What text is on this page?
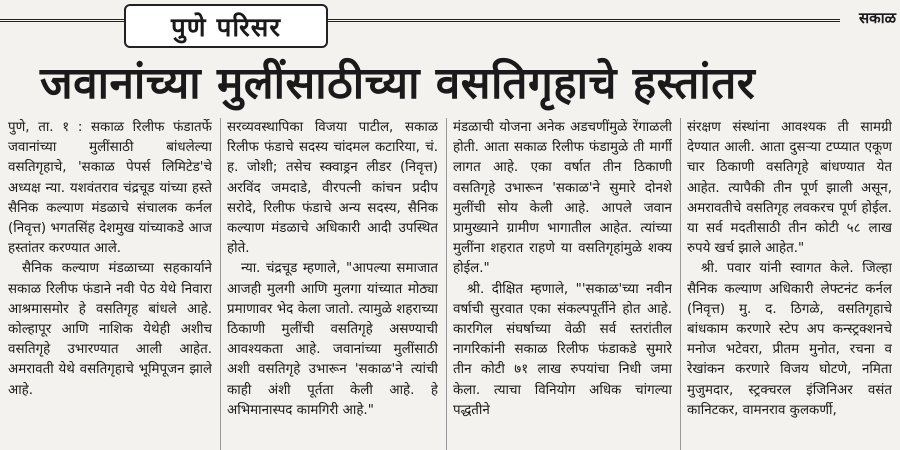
पुणे परिसर	सकाळ
जवानांच्या मुलींसाठीच्या वसतिगृहाचे हस्तांतर

पुणे, ता. १ : सकाळ रिलीफ फंडातर्फे जवानांच्या मुलींसाठी बांधलेल्या वसतिगृहाचे, 'सकाळ पेपर्स लिमिटेड'चे अध्यक्ष न्या. यशवंतराव चंद्रचूड यांच्या हस्ते सैनिक कल्याण मंडळाचे संचालक कर्नल (निवृत्त) भगतसिंह देशमुख यांच्याकडे आज हस्तांतर करण्यात आले.

सैनिक कल्याण मंडळाच्या सहकार्याने सकाळ रिलीफ फंडाने नवी पेठ येथे निवारा आश्रमासमोर हे वसतिगृह बांधले आहे. कोल्हापूर आणि नाशिक येथेही अशीच वसतिगृहे उभारण्यात आली आहेत. अमरावती येथे वसतिगृहाचे भूमिपूजन झाले आहे.

सरव्यवस्थापिका विजया पाटील, सकाळ रिलीफ फंडाचे सदस्य चांदमल कटारिया, चं. ह. जोशी; तसेच स्क्वाड्रन लीडर (निवृत्त) अरविंद जमदाडे, वीरपत्नी कांचन प्रदीप सरोदे, रिलीफ फंडाचे अन्य सदस्य, सैनिक कल्याण मंडळाचे अधिकारी आदी उपस्थित होते.

न्या. चंद्रचूड म्हणाले, "आपल्या समाजात आजही मुलगी आणि मुलगा यांच्यात मोठ्या प्रमाणावर भेद केला जातो. त्यामुळे शहराच्या ठिकाणी मुलींची वसतिगृहे असण्याची आवश्यकता आहे. जवानांच्या मुलींसाठी अशी वसतिगृहे उभारून 'सकाळ'ने त्यांची काही अंशी पूर्तता केली आहे. हे अभिमानास्पद कामगिरी आहे."

मंडळाची योजना अनेक अडचणींमुळे रेंगाळली होती. आता सकाळ रिलीफ फंडामुळे ती मार्गी लागत आहे. एका वर्षात तीन ठिकाणी वसतिगृहे उभारून 'सकाळ'ने सुमारे दोनशे मुलींची सोय केली आहे. आपले जवान प्रामुख्याने ग्रामीण भागातील आहेत. त्यांच्या मुलींना शहरात राहणे या वसतिगृहांमुळे शक्य होईल."

श्री. दीक्षित म्हणाले, "'सकाळ'च्या नवीन वर्षाची सुरवात एका संकल्पपूर्तीने होत आहे. कारगिल संघर्षाच्या वेळी सर्व स्तरांतील नागरिकांनी सकाळ रिलीफ फंडाकडे सुमारे तीन कोटी ७१ लाख रुपयांचा निधी जमा केला. त्याचा विनियोग अधिक चांगल्या पद्धतीने

संरक्षण संस्थांना आवश्यक ती सामग्री देण्यात आली. आता दुसऱ्या टप्प्यात एकूण चार ठिकाणी वसतिगृहे बांधण्यात येत आहेत. त्यापैकी तीन पूर्ण झाली असून, अमरावतीचे वसतिगृह लवकरच पूर्ण होईल. या सर्व मदतीसाठी तीन कोटी ५८ लाख रुपये खर्च झाले आहेत."

श्री. पवार यांनी स्वागत केले. जिल्हा सैनिक कल्याण अधिकारी लेफ्टनंट कर्नल (निवृत्त) मु. द. ठिगळे, वसतिगृहाचे बांधकाम करणारे स्टेप अप कन्स्ट्रक्शनचे मनोज भटेवरा, प्रीतम मुनोत, रचना व रेखांकन करणारे विजय घोटणे, नमिता मुजुमदार, स्ट्रक्चरल इंजिनिअर वसंत कानिटकर, वामनराव कुलकर्णी,
